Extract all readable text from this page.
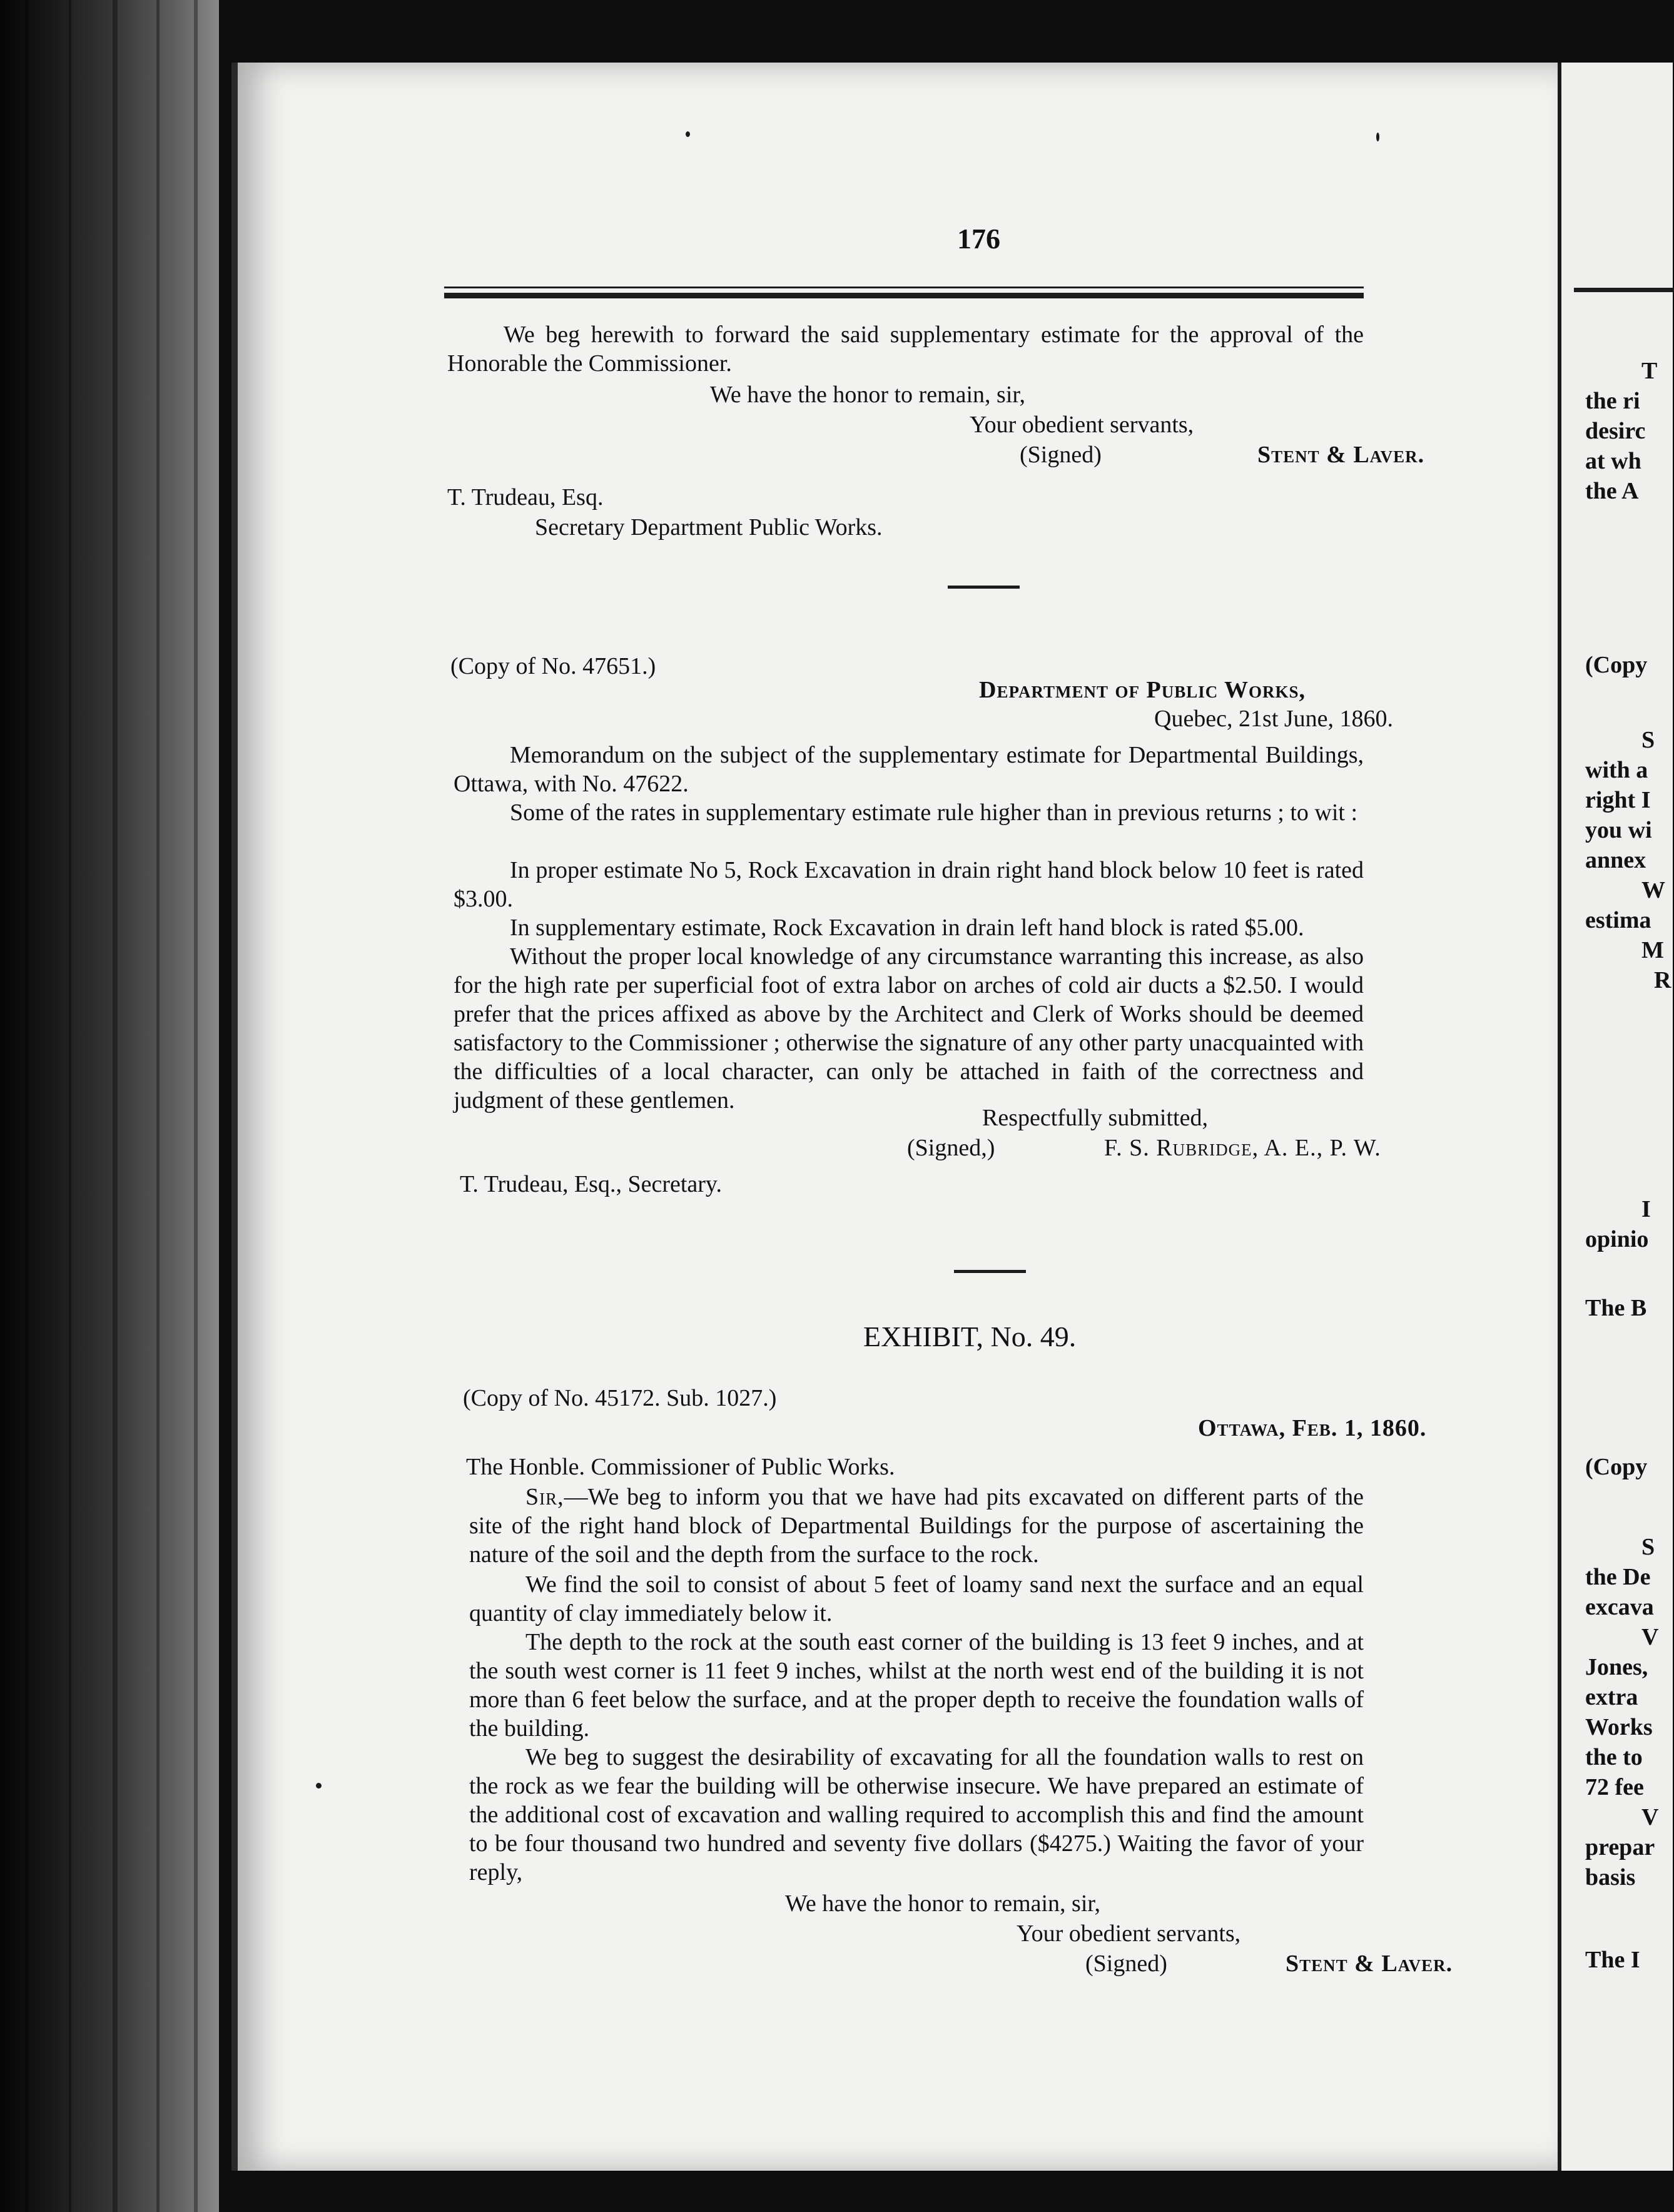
176
We beg herewith to forward the said supplementary estimate for the approval of the Honorable the Commissioner.
We have the honor to remain, sir,
Your obedient servants,
(Signed)	Stent & Laver.
T. Trudeau, Esq.
Secretary Department Public Works.
(Copy of No. 47651.)
Department of Public Works,
Quebec, 21st June, 1860.
Memorandum on the subject of the supplementary estimate for Departmental Buildings, Ottawa, with No. 47622.
Some of the rates in supplementary estimate rule higher than in previous returns ; to wit :
In proper estimate No 5, Rock Excavation in drain right hand block below 10 feet is rated $3.00.
In supplementary estimate, Rock Excavation in drain left hand block is rated $5.00.
Without the proper local knowledge of any circumstance warranting this increase, as also for the high rate per superficial foot of extra labor on arches of cold air ducts a $2.50. I would prefer that the prices affixed as above by the Architect and Clerk of Works should be deemed satisfactory to the Commissioner ; otherwise the signature of any other party unacquainted with the difficulties of a local character, can only be attached in faith of the correctness and judgment of these gentlemen.
Respectfully submitted,
(Signed,)	F. S. Rubridge, A. E., P. W.
T. Trudeau, Esq., Secretary.
EXHIBIT, No. 49.
(Copy of No. 45172. Sub. 1027.)
Ottawa, Feb. 1, 1860.
The Honble. Commissioner of Public Works.
Sir,—We beg to inform you that we have had pits excavated on different parts of the site of the right hand block of Departmental Buildings for the purpose of ascertaining the nature of the soil and the depth from the surface to the rock.
We find the soil to consist of about 5 feet of loamy sand next the surface and an equal quantity of clay immediately below it.
The depth to the rock at the south east corner of the building is 13 feet 9 inches, and at the south west corner is 11 feet 9 inches, whilst at the north west end of the building it is not more than 6 feet below the surface, and at the proper depth to receive the foundation walls of the building.
We beg to suggest the desirability of excavating for all the foundation walls to rest on the rock as we fear the building will be otherwise insecure. We have prepared an estimate of the additional cost of excavation and walling required to accomplish this and find the amount to be four thousand two hundred and seventy five dollars ($4275.) Waiting the favor of your reply,
We have the honor to remain, sir,
Your obedient servants,
(Signed)	Stent & Laver.
T
the ri
desirc
at wh
the A
(Copy
S
with a
right I
you wi
annex
W
estima
M
R
I
opinio
The B
(Copy
S
the De
excava
V
Jones,
extra
Works
the to
72 fee
V
prepar
basis
The I
